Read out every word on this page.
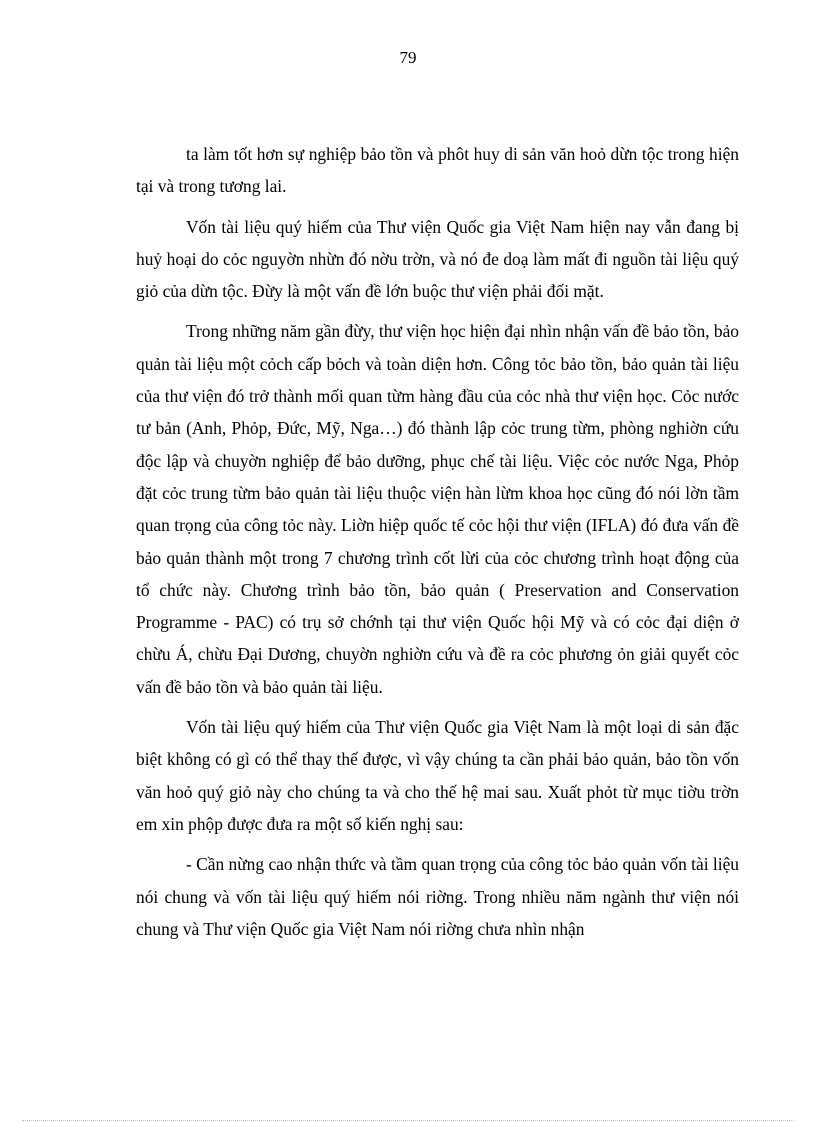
79

ta làm tốt hơn sự nghiệp bảo tồn và phôt huy di sản văn hoỏ dừn tộc trong hiện tại và trong tương lai.

Vốn tài liệu quý hiếm của Thư viện Quốc gia Việt Nam hiện nay vẫn đang bị huỷ hoại do cỏc nguyờn nhừn đó nờu trờn, và nó đe doạ làm mất đi nguồn tài liệu quý giỏ của dừn tộc. Đừy là một vấn đề lớn buộc thư viện phải đối mặt.

Trong những năm gần đừy, thư viện học hiện đại nhìn nhận vấn đề bảo tồn, bảo quản tài liệu một cỏch cấp bỏch và toàn diện hơn. Công tỏc bảo tồn, bảo quản tài liệu của thư viện đó trở thành mối quan từm hàng đầu của cỏc nhà thư viện học. Cỏc nước tư bản (Anh, Phỏp, Đức, Mỹ, Nga…) đó thành lập cỏc trung từm, phòng nghiờn cứu độc lập và chuyờn nghiệp để bảo dưỡng, phục chế tài liệu. Việc cỏc nước Nga, Phỏp đặt cỏc trung từm bảo quản tài liệu thuộc viện hàn lừm khoa học cũng đó nói lờn tầm quan trọng của công tỏc này. Liờn hiệp quốc tế cỏc hội thư viện (IFLA) đó đưa vấn đề bảo quản thành một trong 7 chương trình cốt lừi của cỏc chương trình hoạt động của tổ chức này. Chương trình bảo tồn, bảo quản ( Preservation and Conservation Programme - PAC) có trụ sở chớnh tại thư viện Quốc hội Mỹ và có cỏc đại diện ở chừu Á, chừu Đại Dương, chuyờn nghiờn cứu và đề ra cỏc phương ỏn giải quyết cỏc vấn đề bảo tồn và bảo quản tài liệu.

Vốn tài liệu quý hiếm của Thư viện Quốc gia Việt Nam là một loại di sản đặc biệt không có gì có thể thay thế được, vì vậy chúng ta cần phải bảo quản, bảo tồn vốn văn hoỏ quý giỏ này cho chúng ta và cho thế hệ mai sau. Xuất phỏt từ mục tiờu trờn em xin phộp được đưa ra một số kiến nghị sau:

- Cần nừng cao nhận thức và tầm quan trọng của công tỏc bảo quản vốn tài liệu nói chung và vốn tài liệu quý hiếm nói riờng. Trong nhiều năm ngành thư viện nói chung và Thư viện Quốc gia Việt Nam nói riờng chưa nhìn nhận
